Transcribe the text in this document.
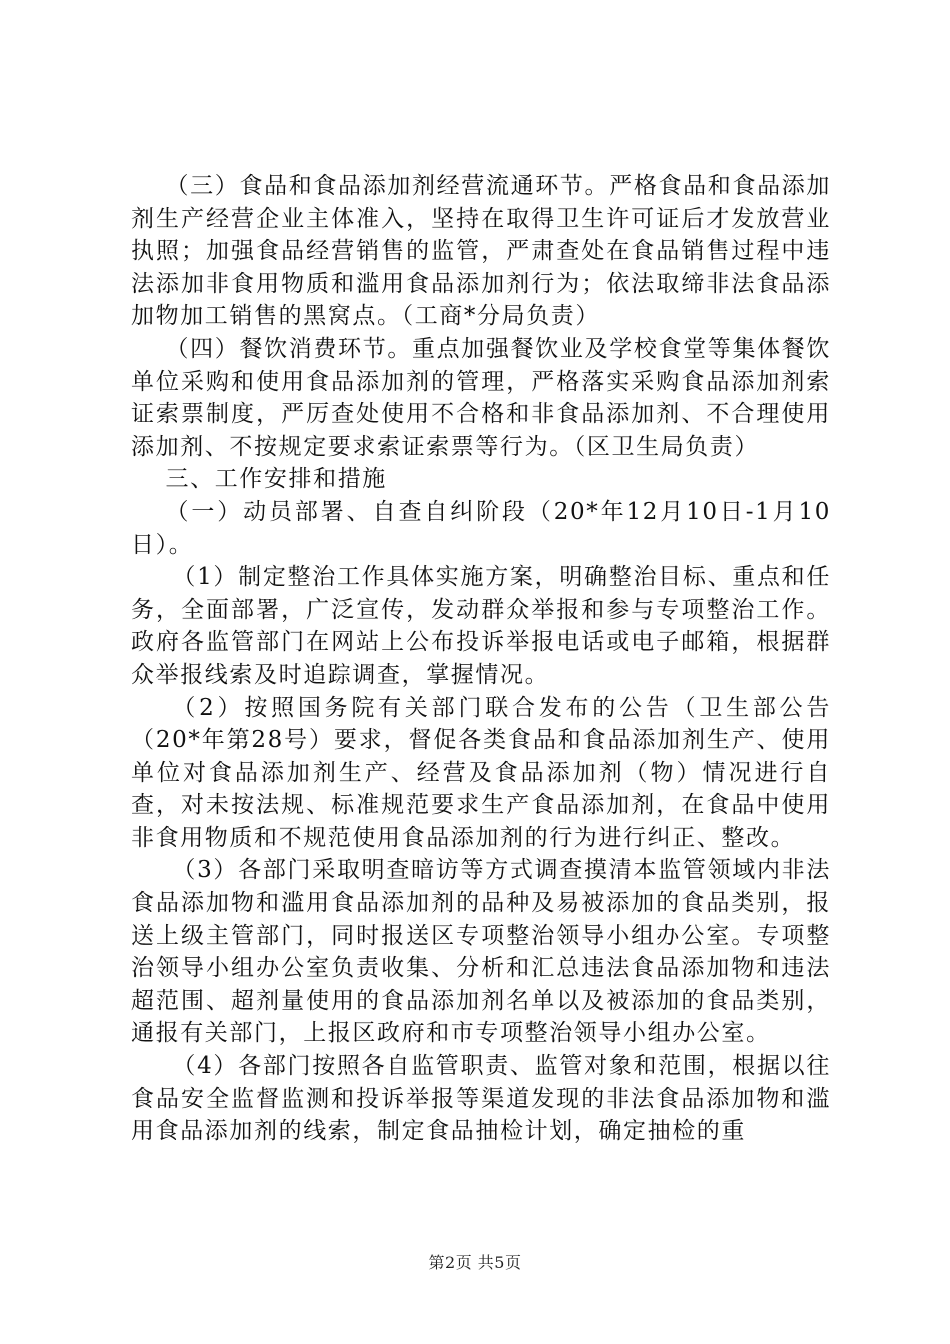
（三）食品和食品添加剂经营流通环节。严格食品和食品添加剂生产经营企业主体准入，坚持在取得卫生许可证后才发放营业执照；加强食品经营销售的监管，严肃查处在食品销售过程中违法添加非食用物质和滥用食品添加剂行为；依法取缔非法食品添加物加工销售的黑窝点。（工商*分局负责）

（四）餐饮消费环节。重点加强餐饮业及学校食堂等集体餐饮单位采购和使用食品添加剂的管理，严格落实采购食品添加剂索证索票制度，严厉查处使用不合格和非食品添加剂、不合理使用添加剂、不按规定要求索证索票等行为。（区卫生局负责）

三、工作安排和措施

（一）动员部署、自查自纠阶段（20*年12月10日-1月10日）。

（1）制定整治工作具体实施方案，明确整治目标、重点和任务，全面部署，广泛宣传，发动群众举报和参与专项整治工作。政府各监管部门在网站上公布投诉举报电话或电子邮箱，根据群众举报线索及时追踪调查，掌握情况。

（2）按照国务院有关部门联合发布的公告（卫生部公告（20*年第28号）要求，督促各类食品和食品添加剂生产、使用单位对食品添加剂生产、经营及食品添加剂（物）情况进行自查，对未按法规、标准规范要求生产食品添加剂，在食品中使用非食用物质和不规范使用食品添加剂的行为进行纠正、整改。

（3）各部门采取明查暗访等方式调查摸清本监管领域内非法食品添加物和滥用食品添加剂的品种及易被添加的食品类别，报送上级主管部门，同时报送区专项整治领导小组办公室。专项整治领导小组办公室负责收集、分析和汇总违法食品添加物和违法超范围、超剂量使用的食品添加剂名单以及被添加的食品类别，通报有关部门，上报区政府和市专项整治领导小组办公室。

（4）各部门按照各自监管职责、监管对象和范围，根据以往食品安全监督监测和投诉举报等渠道发现的非法食品添加物和滥用食品添加剂的线索，制定食品抽检计划，确定抽检的重

第2页 共5页
